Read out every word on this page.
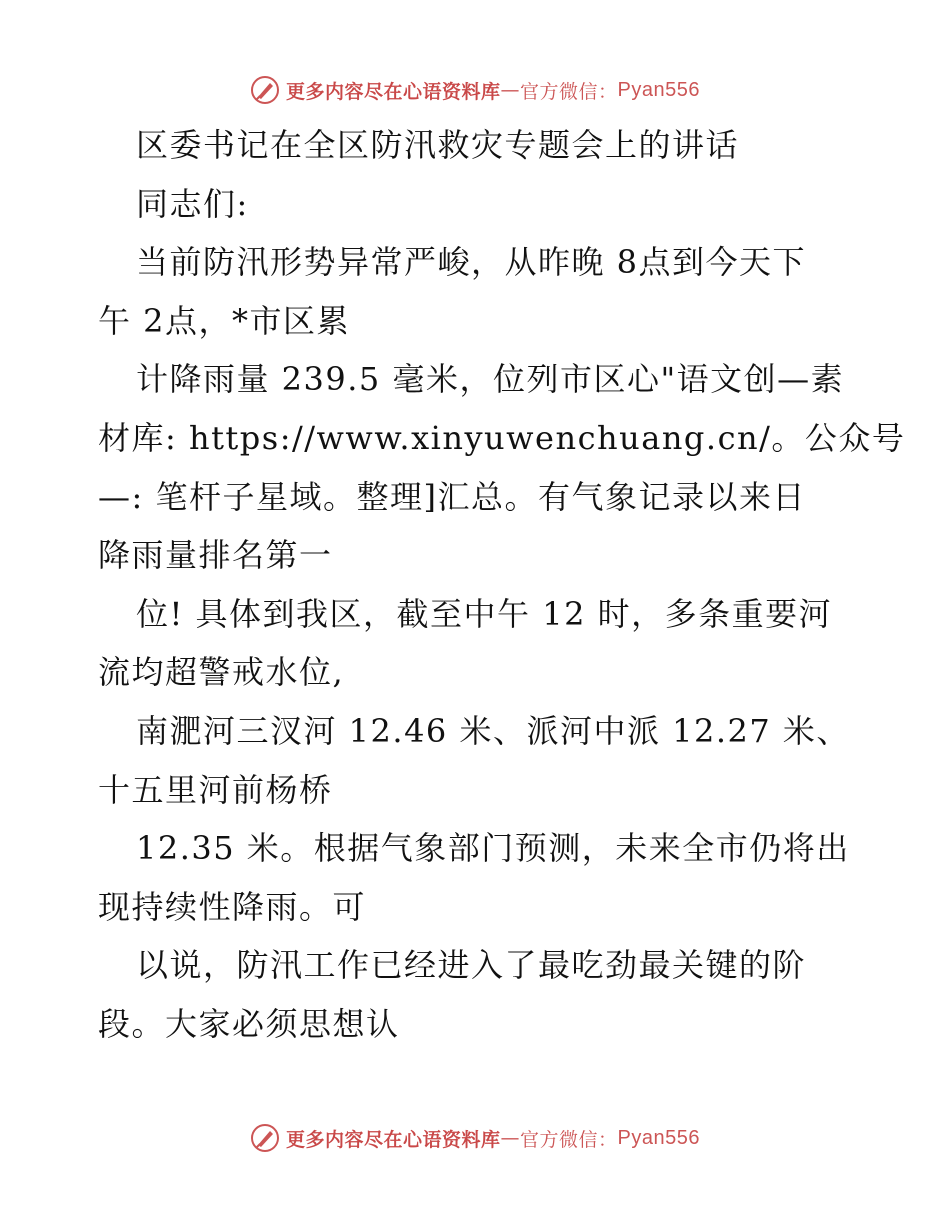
更多内容尽在心语资料库 — 官方微信 ： Pyan556
区委书记在全区防汛救灾专题会上的讲话
同志们:
当前防汛形势异常严峻，从昨晚 8点到今天下
午 2点，*市区累
计降雨量 239.5 毫米，位列市区心"语文创—素
材库: https://www.xinyuwenchuang.cn/。公众号
—: 笔杆子星域。整理]汇总。有气象记录以来日
降雨量排名第一
位! 具体到我区，截至中午 12 时，多条重要河
流均超警戒水位,
南淝河三汊河 12.46 米、派河中派 12.27 米、
十五里河前杨桥
12.35 米。根据气象部门预测，未来全市仍将出
现持续性降雨。可
以说，防汛工作已经进入了最吃劲最关键的阶
段。大家必须思想认
更多内容尽在心语资料库 — 官方微信 ： Pyan556
